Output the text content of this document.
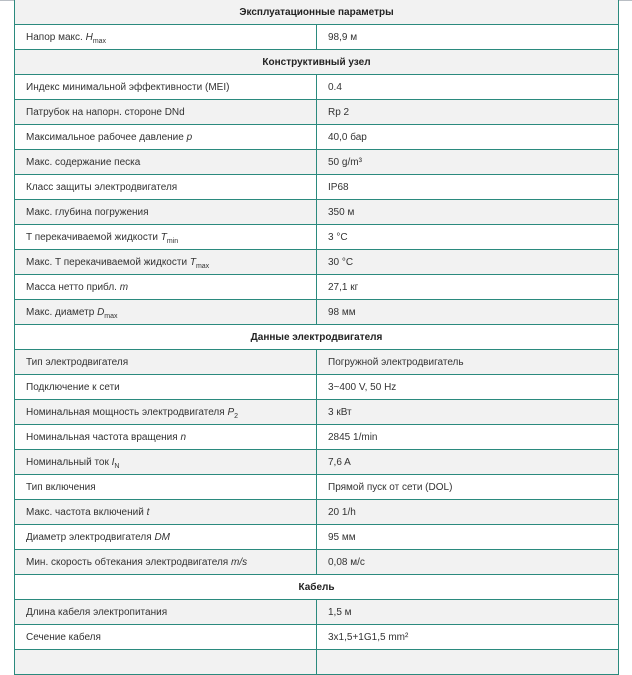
Эксплуатационные параметры	
Напор макс. $H_{max}$	98,9 м
Конструктивный узел	
Индекс минимальной эффективности (MEI)	0.4
Патрубок на напорн. стороне DNd	Rp 2
Максимальное рабочее давление p	40,0 бар
Макс. содержание песка	50 g/m³
Класс защиты электродвигателя	IP68
Макс. глубина погружения	350 м
T перекачиваемой жидкости $T_{min}$	3 °C
Макс. T перекачиваемой жидкости $T_{max}$	30 °C
Масса нетто прибл. m	27,1 кг
Макс. диаметр $D_{max}$	98 мм
Данные электродвигателя	
Тип электродвигателя	Погружной электродвигатель
Подключение к сети	3~400 V, 50 Hz
Номинальная мощность электродвигателя $P_2$	3 кВт
Номинальная частота вращения n	2845 1/min
Номинальный ток $I_N$	7,6 A
Тип включения	Прямой пуск от сети (DOL)
Макс. частота включений t	20 1/h
Диаметр электродвигателя DM	95 мм
Мин. скорость обтекания электродвигателя m/s	0,08 м/с
Кабель	
Длина кабеля электропитания	1,5 м
Сечение кабеля	3x1,5+1G1,5 mm²
